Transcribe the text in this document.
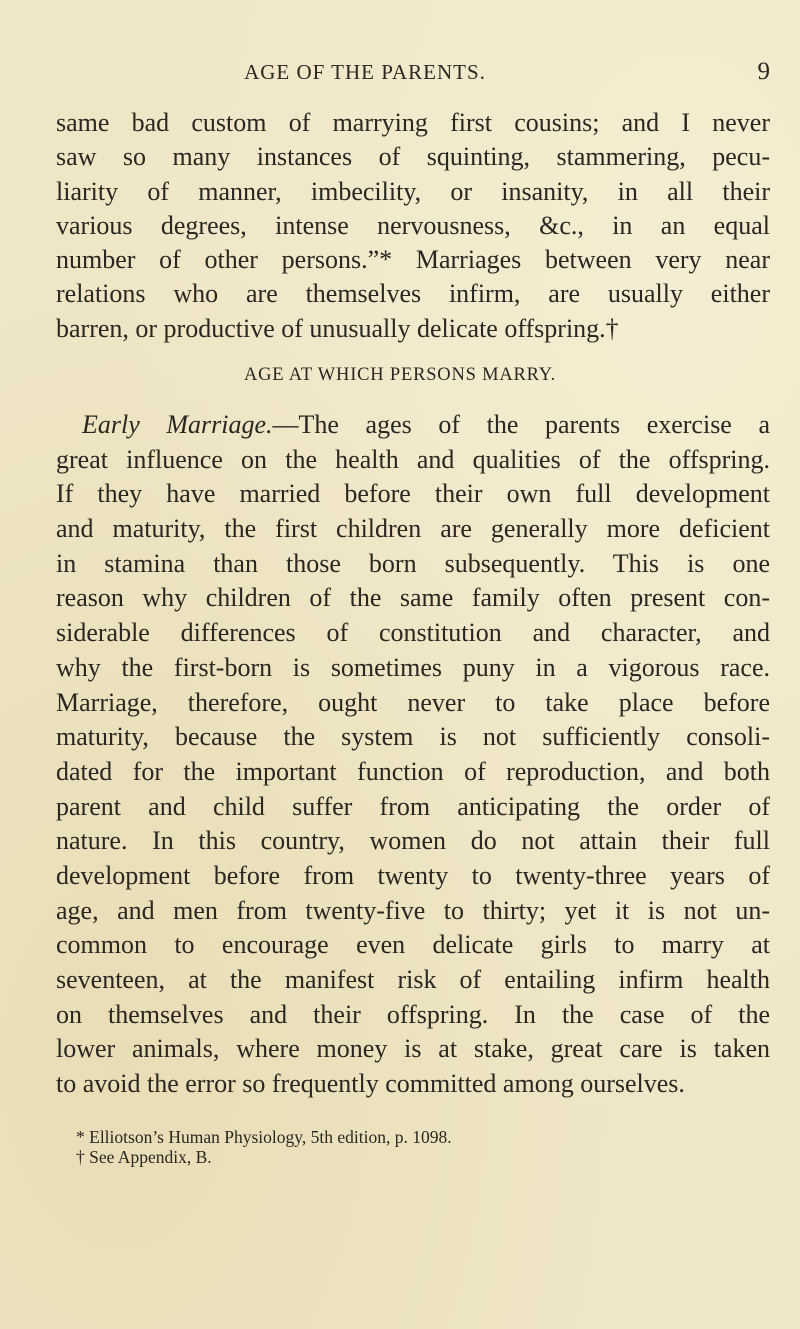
AGE OF THE PARENTS.	9
same bad custom of marrying first cousins; and I never
saw so many instances of squinting, stammering, pecu-
liarity of manner, imbecility, or insanity, in all their
various degrees, intense nervousness, &c., in an equal
number of other persons.”* Marriages between very near
relations who are themselves infirm, are usually either
barren, or productive of unusually delicate offspring.†
AGE AT WHICH PERSONS MARRY.
Early Marriage.—The ages of the parents exercise a
great influence on the health and qualities of the offspring.
If they have married before their own full development
and maturity, the first children are generally more deficient
in stamina than those born subsequently. This is one
reason why children of the same family often present con-
siderable differences of constitution and character, and
why the first-born is sometimes puny in a vigorous race.
Marriage, therefore, ought never to take place before
maturity, because the system is not sufficiently consoli-
dated for the important function of reproduction, and both
parent and child suffer from anticipating the order of
nature. In this country, women do not attain their full
development before from twenty to twenty-three years of
age, and men from twenty-five to thirty; yet it is not un-
common to encourage even delicate girls to marry at
seventeen, at the manifest risk of entailing infirm health
on themselves and their offspring. In the case of the
lower animals, where money is at stake, great care is taken
to avoid the error so frequently committed among ourselves.
* Elliotson’s Human Physiology, 5th edition, p. 1098.
† See Appendix, B.
